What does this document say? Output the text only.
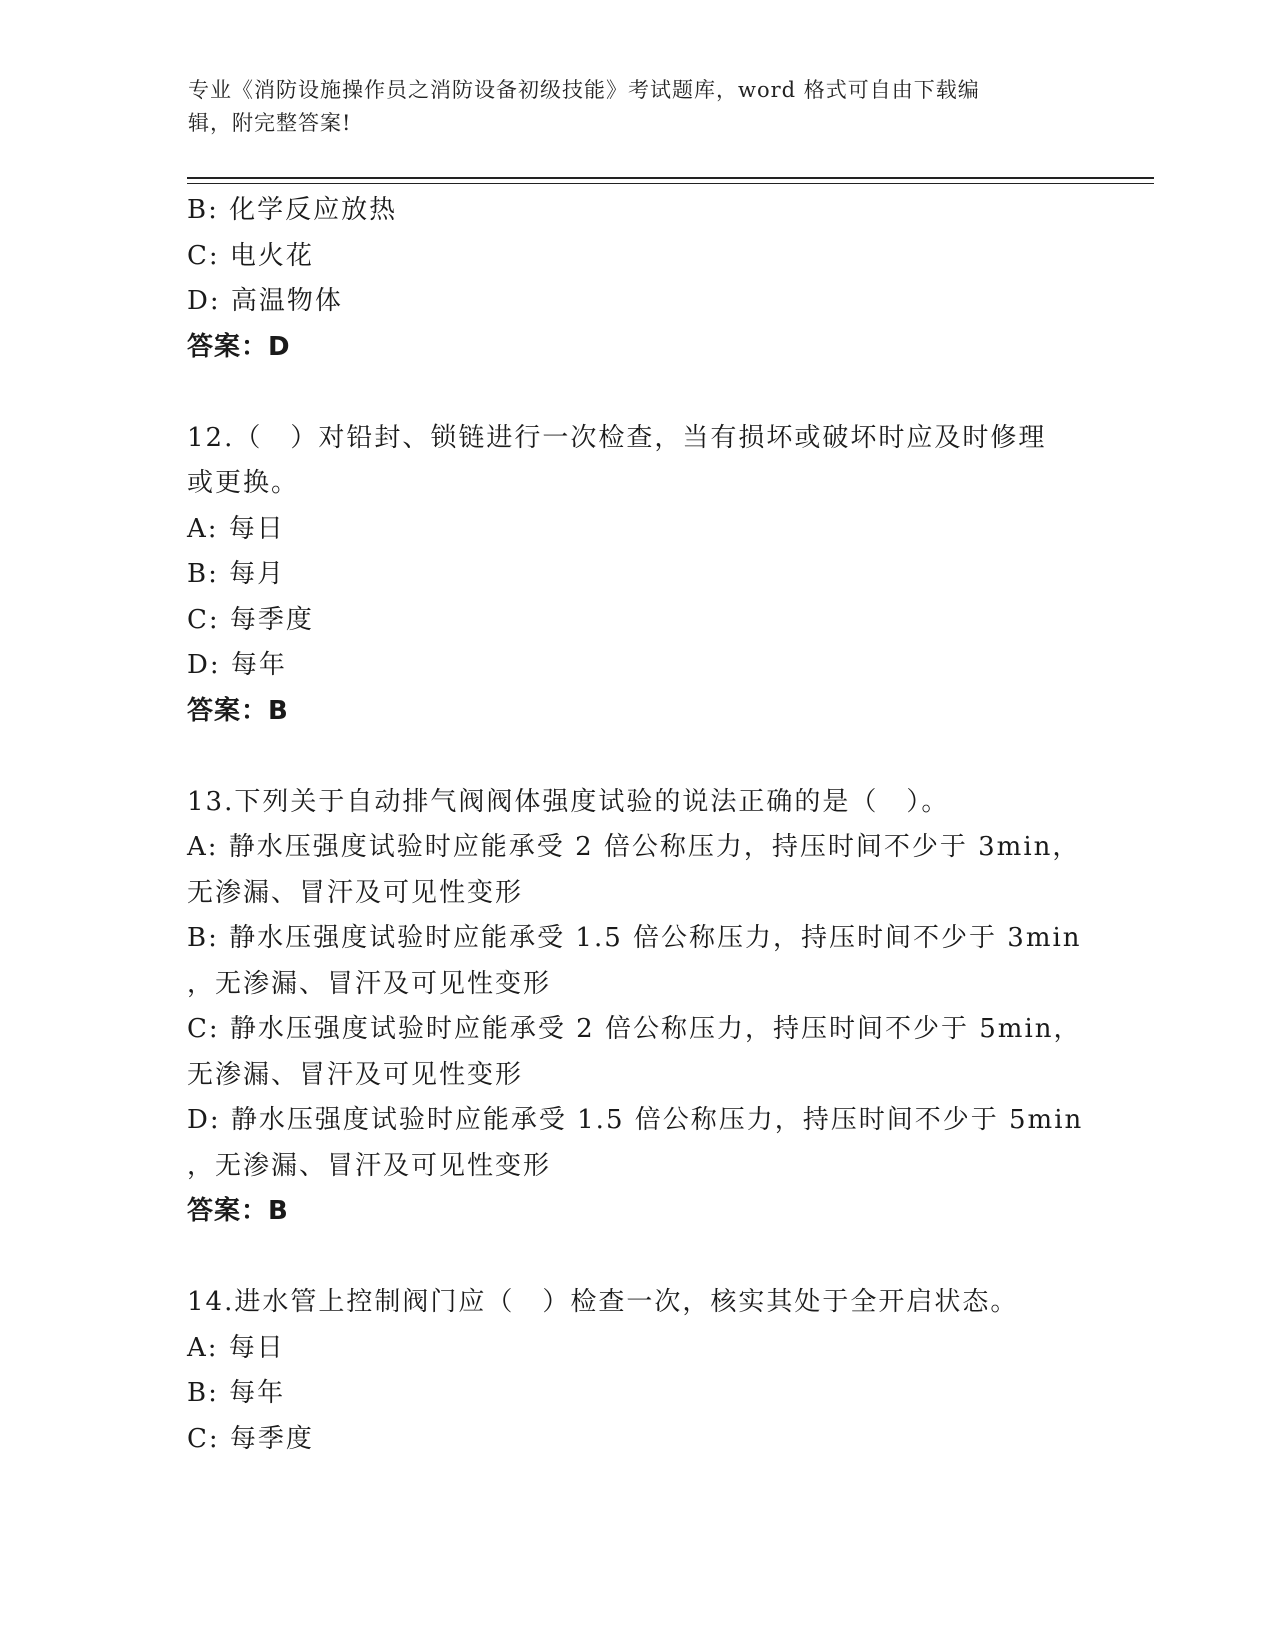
专业《消防设施操作员之消防设备初级技能》考试题库，word 格式可自由下载编
辑，附完整答案!
B: 化学反应放热
C: 电火花
D: 高温物体
答案：D
12.（　）对铅封、锁链进行一次检查，当有损坏或破坏时应及时修理
或更换。
A: 每日
B: 每月
C: 每季度
D: 每年
答案：B
13.下列关于自动排气阀阀体强度试验的说法正确的是（　）。
A: 静水压强度试验时应能承受 2 倍公称压力，持压时间不少于 3min，
无渗漏、冒汗及可见性变形
B: 静水压强度试验时应能承受 1.5 倍公称压力，持压时间不少于 3min
，无渗漏、冒汗及可见性变形
C: 静水压强度试验时应能承受 2 倍公称压力，持压时间不少于 5min，
无渗漏、冒汗及可见性变形
D: 静水压强度试验时应能承受 1.5 倍公称压力，持压时间不少于 5min
，无渗漏、冒汗及可见性变形
答案：B
14.进水管上控制阀门应（　）检查一次，核实其处于全开启状态。
A: 每日
B: 每年
C: 每季度
